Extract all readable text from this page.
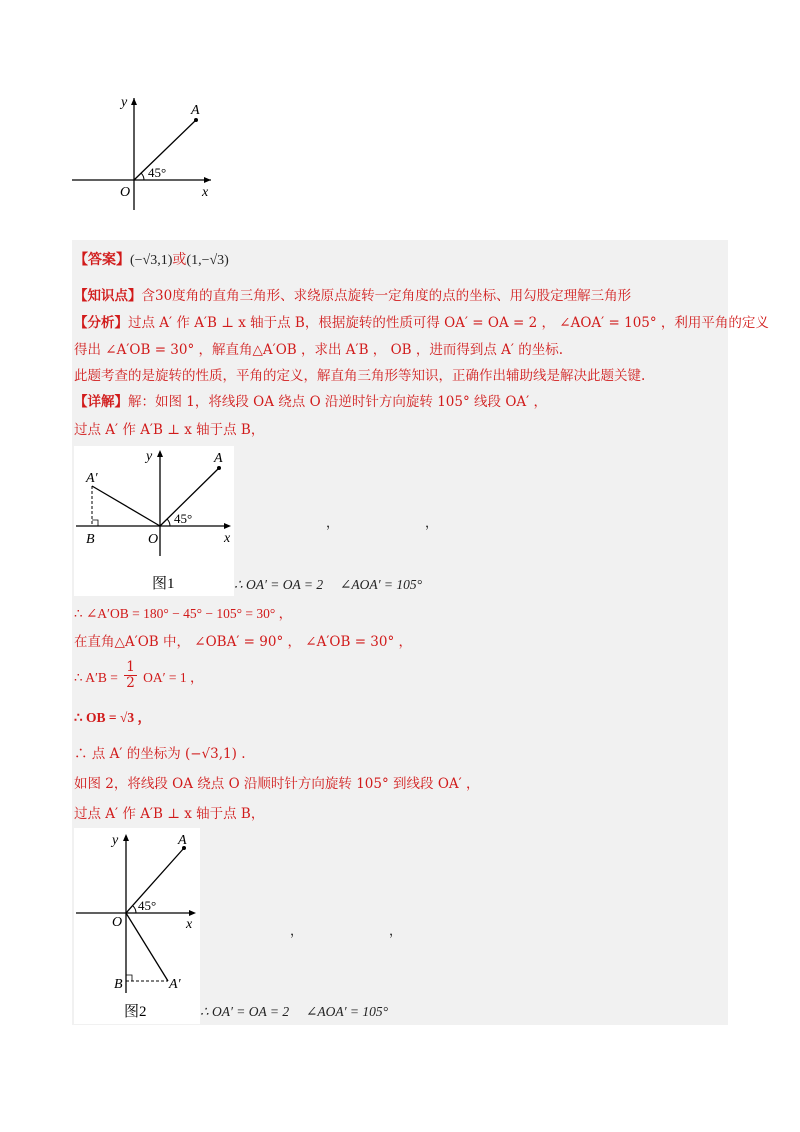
y
x
O
A
45°
【答案】(−√3,1)或(1,−√3)
【知识点】含30度角的直角三角形、求绕原点旋转一定角度的点的坐标、用勾股定理解三角形
【分析】过点 A′ 作 A′B ⊥ x 轴于点 B，根据旋转的性质可得 OA′ = OA = 2 ， ∠AOA′ = 105° ，利用平角的定义
得出 ∠A′OB = 30° ，解直角△A′OB ，求出 A′B ， OB ，进而得到点 A′ 的坐标.
此题考查的是旋转的性质，平角的定义，解直角三角形等知识，正确作出辅助线是解决此题关键.
【详解】解：如图 1，将线段 OA 绕点 O 沿逆时针方向旋转 105° 线段 OA′ ，
过点 A′ 作 A′B ⊥ x 轴于点 B，
y
x
O
A
A′
B
45°
图1
，	，
∴ OA′ = OA = 2     ∠AOA′ = 105°
∴ ∠A′OB = 180° − 45° − 105° = 30° ，
在直角△A′OB 中， ∠OBA′ = 90° ， ∠A′OB = 30° ，
∴ $A'B = \frac{1}{2} OA' = 1$ ，
∴ OB = √3 ，
∴ 点 A′ 的坐标为 (−√3,1) .
如图 2，将线段 OA 绕点 O 沿顺时针方向旋转 105° 到线段 OA′ ，
过点 A′ 作 A′B ⊥ x 轴于点 B，
y
x
O
A
A′
B
45°
图2
，	，
∴ OA′ = OA = 2     ∠AOA′ = 105°
